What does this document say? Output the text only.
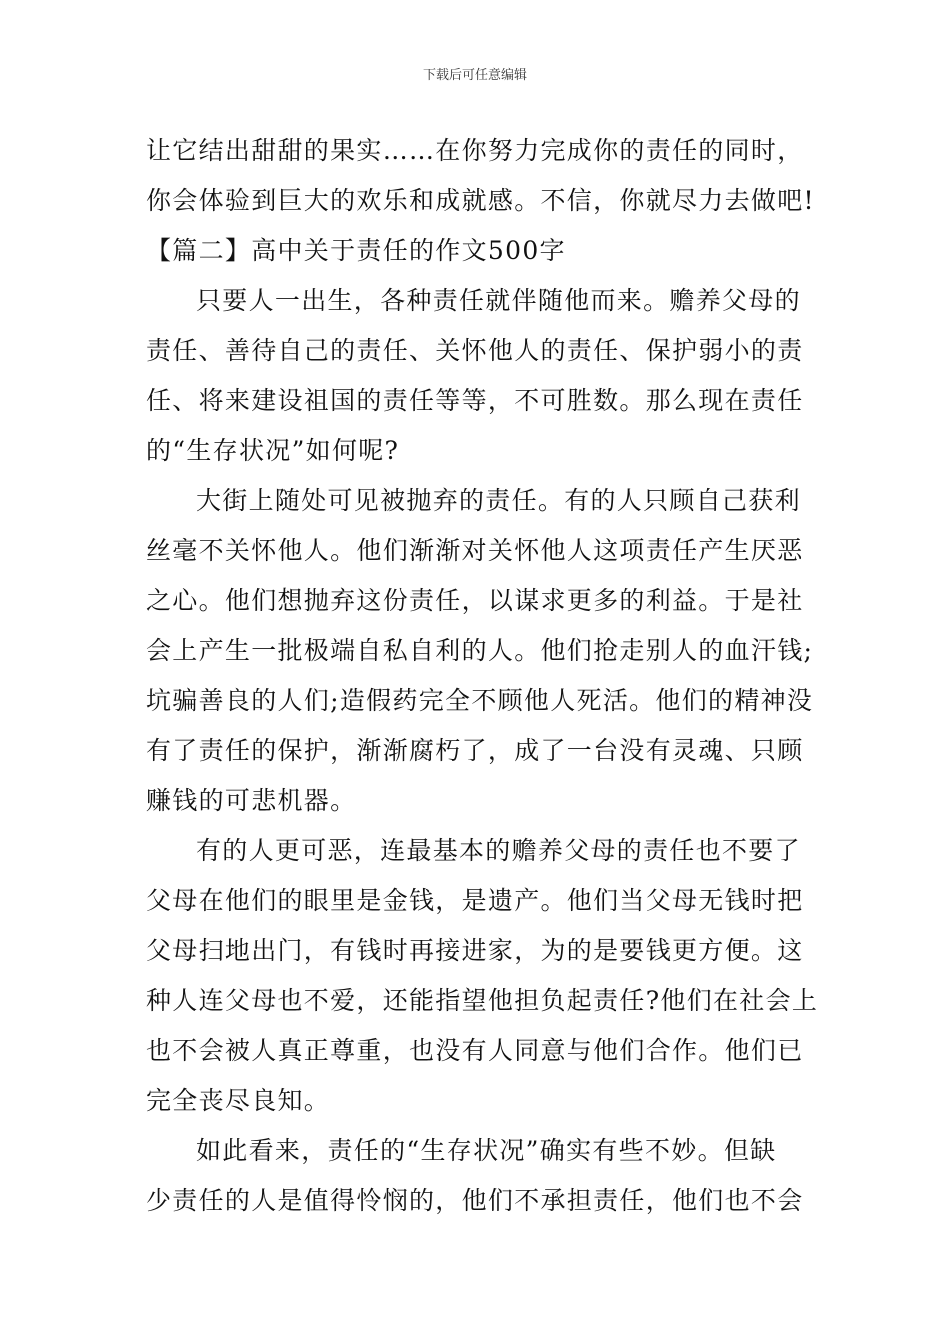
下载后可任意编辑
让它结出甜甜的果实……在你努力完成你的责任的同时，
你会体验到巨大的欢乐和成就感。不信，你就尽力去做吧!
【篇二】高中关于责任的作文500字
只要人一出生，各种责任就伴随他而来。赡养父母的
责任、善待自己的责任、关怀他人的责任、保护弱小的责
任、将来建设祖国的责任等等，不可胜数。那么现在责任
的“生存状况”如何呢?
大街上随处可见被抛弃的责任。有的人只顾自己获利
丝毫不关怀他人。他们渐渐对关怀他人这项责任产生厌恶
之心。他们想抛弃这份责任，以谋求更多的利益。于是社
会上产生一批极端自私自利的人。他们抢走别人的血汗钱;
坑骗善良的人们;造假药完全不顾他人死活。他们的精神没
有了责任的保护，渐渐腐朽了，成了一台没有灵魂、只顾
赚钱的可悲机器。
有的人更可恶，连最基本的赡养父母的责任也不要了
父母在他们的眼里是金钱，是遗产。他们当父母无钱时把
父母扫地出门，有钱时再接进家，为的是要钱更方便。这
种人连父母也不爱，还能指望他担负起责任?他们在社会上
也不会被人真正尊重，也没有人同意与他们合作。他们已
完全丧尽良知。
如此看来，责任的“生存状况”确实有些不妙。但缺
少责任的人是值得怜悯的，他们不承担责任，他们也不会
